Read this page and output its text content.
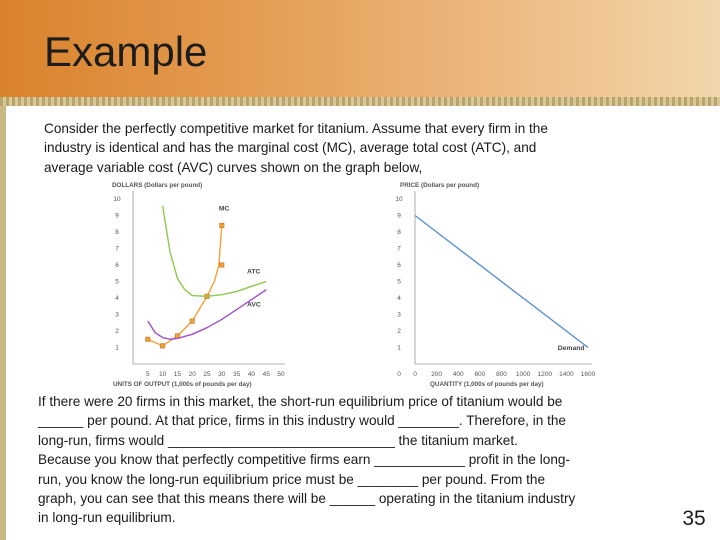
Example
Consider the perfectly competitive market for titanium. Assume that every firm in the
industry is identical and has the marginal cost (MC), average total cost (ATC), and
average variable cost (AVC) curves shown on the graph below,
DOLLARS (Dollars per pound)
UNITS OF OUTPUT (1,000s of pounds per day)
1
2
3
4
5
6
7
8
9
10
5 10 15 20 25 30 35 40 45 50
MC
ATC
AVC
PRICE (Dollars per pound)
QUANTITY (1,000s of pounds per day)
1
2
3
4
5
6
7
8
9
10
0 200 400 600 800 1000 1200 1400 1600
0
Demand
If there were 20 firms in this market, the short-run equilibrium price of titanium would be
______ per pound. At that price, firms in this industry would ________. Therefore, in the
long-run, firms would ______________________________ the titanium market.
Because you know that perfectly competitive firms earn ____________ profit in the long-
run, you know the long-run equilibrium price must be ________ per pound. From the
graph, you can see that this means there will be ______ operating in the titanium industry
in long-run equilibrium.	35
